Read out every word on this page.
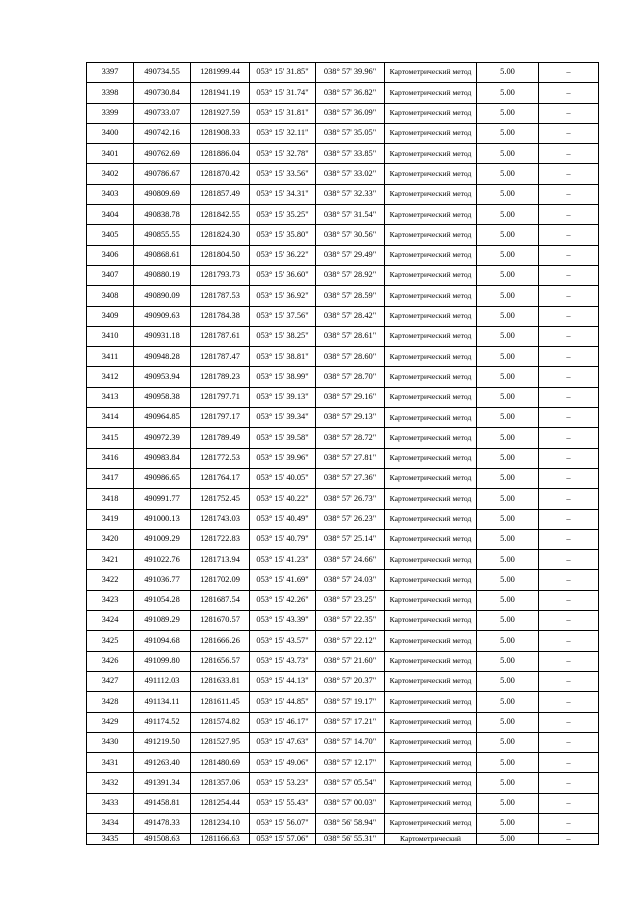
3397	490734.55	1281999.44	053° 15' 31.85"	038° 57' 39.96"	Картометрический метод	5.00	–
3398	490730.84	1281941.19	053° 15' 31.74"	038° 57' 36.82"	Картометрический метод	5.00	–
3399	490733.07	1281927.59	053° 15' 31.81"	038° 57' 36.09"	Картометрический метод	5.00	–
3400	490742.16	1281908.33	053° 15' 32.11"	038° 57' 35.05"	Картометрический метод	5.00	–
3401	490762.69	1281886.04	053° 15' 32.78"	038° 57' 33.85"	Картометрический метод	5.00	–
3402	490786.67	1281870.42	053° 15' 33.56"	038° 57' 33.02"	Картометрический метод	5.00	–
3403	490809.69	1281857.49	053° 15' 34.31"	038° 57' 32.33"	Картометрический метод	5.00	–
3404	490838.78	1281842.55	053° 15' 35.25"	038° 57' 31.54"	Картометрический метод	5.00	–
3405	490855.55	1281824.30	053° 15' 35.80"	038° 57' 30.56"	Картометрический метод	5.00	–
3406	490868.61	1281804.50	053° 15' 36.22"	038° 57' 29.49"	Картометрический метод	5.00	–
3407	490880.19	1281793.73	053° 15' 36.60"	038° 57' 28.92"	Картометрический метод	5.00	–
3408	490890.09	1281787.53	053° 15' 36.92"	038° 57' 28.59"	Картометрический метод	5.00	–
3409	490909.63	1281784.38	053° 15' 37.56"	038° 57' 28.42"	Картометрический метод	5.00	–
3410	490931.18	1281787.61	053° 15' 38.25"	038° 57' 28.61"	Картометрический метод	5.00	–
3411	490948.28	1281787.47	053° 15' 38.81"	038° 57' 28.60"	Картометрический метод	5.00	–
3412	490953.94	1281789.23	053° 15' 38.99"	038° 57' 28.70"	Картометрический метод	5.00	–
3413	490958.38	1281797.71	053° 15' 39.13"	038° 57' 29.16"	Картометрический метод	5.00	–
3414	490964.85	1281797.17	053° 15' 39.34"	038° 57' 29.13"	Картометрический метод	5.00	–
3415	490972.39	1281789.49	053° 15' 39.58"	038° 57' 28.72"	Картометрический метод	5.00	–
3416	490983.84	1281772.53	053° 15' 39.96"	038° 57' 27.81"	Картометрический метод	5.00	–
3417	490986.65	1281764.17	053° 15' 40.05"	038° 57' 27.36"	Картометрический метод	5.00	–
3418	490991.77	1281752.45	053° 15' 40.22"	038° 57' 26.73"	Картометрический метод	5.00	–
3419	491000.13	1281743.03	053° 15' 40.49"	038° 57' 26.23"	Картометрический метод	5.00	–
3420	491009.29	1281722.83	053° 15' 40.79"	038° 57' 25.14"	Картометрический метод	5.00	–
3421	491022.76	1281713.94	053° 15' 41.23"	038° 57' 24.66"	Картометрический метод	5.00	–
3422	491036.77	1281702.09	053° 15' 41.69"	038° 57' 24.03"	Картометрический метод	5.00	–
3423	491054.28	1281687.54	053° 15' 42.26"	038° 57' 23.25"	Картометрический метод	5.00	–
3424	491089.29	1281670.57	053° 15' 43.39"	038° 57' 22.35"	Картометрический метод	5.00	–
3425	491094.68	1281666.26	053° 15' 43.57"	038° 57' 22.12"	Картометрический метод	5.00	–
3426	491099.80	1281656.57	053° 15' 43.73"	038° 57' 21.60"	Картометрический метод	5.00	–
3427	491112.03	1281633.81	053° 15' 44.13"	038° 57' 20.37"	Картометрический метод	5.00	–
3428	491134.11	1281611.45	053° 15' 44.85"	038° 57' 19.17"	Картометрический метод	5.00	–
3429	491174.52	1281574.82	053° 15' 46.17"	038° 57' 17.21"	Картометрический метод	5.00	–
3430	491219.50	1281527.95	053° 15' 47.63"	038° 57' 14.70"	Картометрический метод	5.00	–
3431	491263.40	1281480.69	053° 15' 49.06"	038° 57' 12.17"	Картометрический метод	5.00	–
3432	491391.34	1281357.06	053° 15' 53.23"	038° 57' 05.54"	Картометрический метод	5.00	–
3433	491458.81	1281254.44	053° 15' 55.43"	038° 57' 00.03"	Картометрический метод	5.00	–
3434	491478.33	1281234.10	053° 15' 56.07"	038° 56' 58.94"	Картометрический метод	5.00	–
3435	491508.63	1281166.63	053° 15' 57.06"	038° 56' 55.31"	Картометрический	5.00	–
